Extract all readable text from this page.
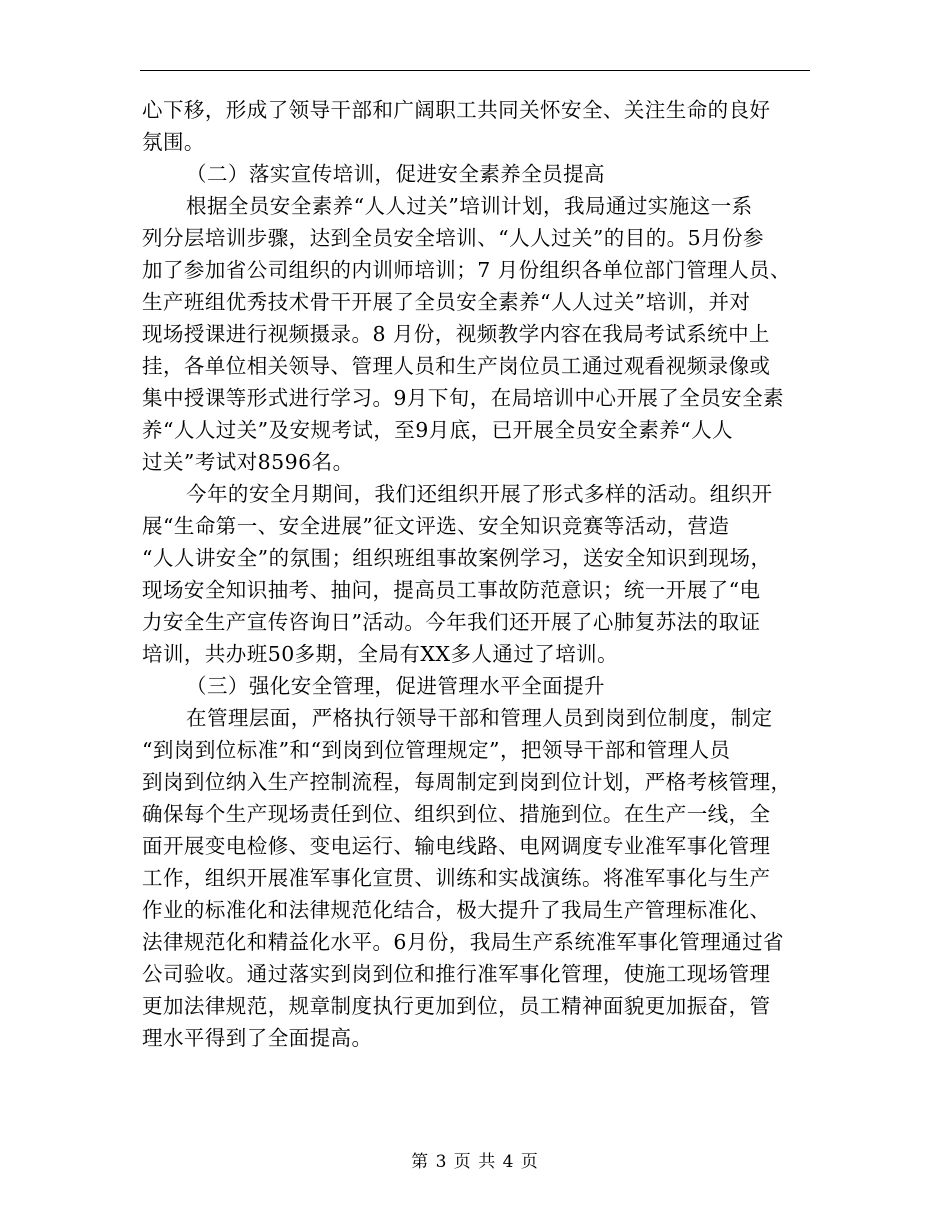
心下移，形成了领导干部和广阔职工共同关怀安全、关注生命的良好
氛围。
（二）落实宣传培训，促进安全素养全员提高
根据全员安全素养“人人过关”培训计划，我局通过实施这一系
列分层培训步骤，达到全员安全培训、“人人过关”的目的。5月份参
加了参加省公司组织的内训师培训；7 月份组织各单位部门管理人员、
生产班组优秀技术骨干开展了全员安全素养“人人过关”培训，并对
现场授课进行视频摄录。8 月份，视频教学内容在我局考试系统中上
挂，各单位相关领导、管理人员和生产岗位员工通过观看视频录像或
集中授课等形式进行学习。9月下旬，在局培训中心开展了全员安全素
养“人人过关”及安规考试，至9月底，已开展全员安全素养“人人
过关”考试对8596名。
今年的安全月期间，我们还组织开展了形式多样的活动。组织开
展“生命第一、安全进展”征文评选、安全知识竞赛等活动，营造
“人人讲安全”的氛围；组织班组事故案例学习，送安全知识到现场，
现场安全知识抽考、抽问，提高员工事故防范意识；统一开展了“电
力安全生产宣传咨询日”活动。今年我们还开展了心肺复苏法的取证
培训，共办班50多期，全局有XX多人通过了培训。
（三）强化安全管理，促进管理水平全面提升
在管理层面，严格执行领导干部和管理人员到岗到位制度，制定
“到岗到位标准”和“到岗到位管理规定”，把领导干部和管理人员
到岗到位纳入生产控制流程，每周制定到岗到位计划，严格考核管理，
确保每个生产现场责任到位、组织到位、措施到位。在生产一线，全
面开展变电检修、变电运行、输电线路、电网调度专业准军事化管理
工作，组织开展准军事化宣贯、训练和实战演练。将准军事化与生产
作业的标准化和法律规范化结合，极大提升了我局生产管理标准化、
法律规范化和精益化水平。6月份，我局生产系统准军事化管理通过省
公司验收。通过落实到岗到位和推行准军事化管理，使施工现场管理
更加法律规范，规章制度执行更加到位，员工精神面貌更加振奋，管
理水平得到了全面提高。
第 3 页 共 4 页
